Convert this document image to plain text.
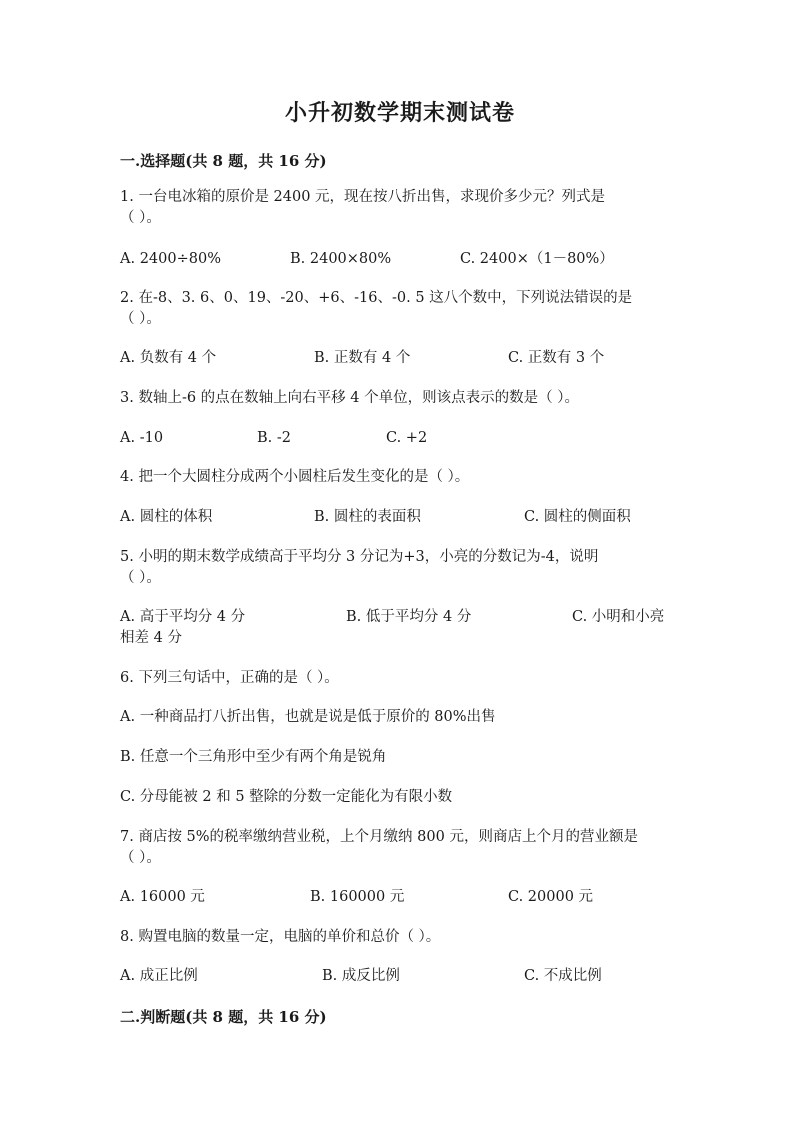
小升初数学期末测试卷
一.选择题(共 8 题，共 16 分)
1. 一台电冰箱的原价是 2400 元，现在按八折出售，求现价多少元？列式是
（ ）。
A. 2400÷80%	B. 2400×80%	C. 2400×（1－80%）
2. 在-8、3. 6、0、19、-20、+6、-16、-0. 5 这八个数中，下列说法错误的是
（ ）。
A. 负数有 4 个	B. 正数有 4 个	C. 正数有 3 个
3. 数轴上-6 的点在数轴上向右平移 4 个单位，则该点表示的数是（ ）。
A. -10	B. -2	C. +2
4. 把一个大圆柱分成两个小圆柱后发生变化的是（ ）。
A. 圆柱的体积	B. 圆柱的表面积	C. 圆柱的侧面积
5. 小明的期末数学成绩高于平均分 3 分记为+3，小亮的分数记为-4，说明
（ ）。
A. 高于平均分 4 分	B. 低于平均分 4 分	C. 小明和小亮
相差 4 分
6. 下列三句话中，正确的是（ ）。
A. 一种商品打八折出售，也就是说是低于原价的 80%出售
B. 任意一个三角形中至少有两个角是锐角
C. 分母能被 2 和 5 整除的分数一定能化为有限小数
7. 商店按 5%的税率缴纳营业税，上个月缴纳 800 元，则商店上个月的营业额是
（ ）。
A. 16000 元	B. 160000 元	C. 20000 元
8. 购置电脑的数量一定，电脑的单价和总价（ ）。
A. 成正比例	B. 成反比例	C. 不成比例
二.判断题(共 8 题，共 16 分)
